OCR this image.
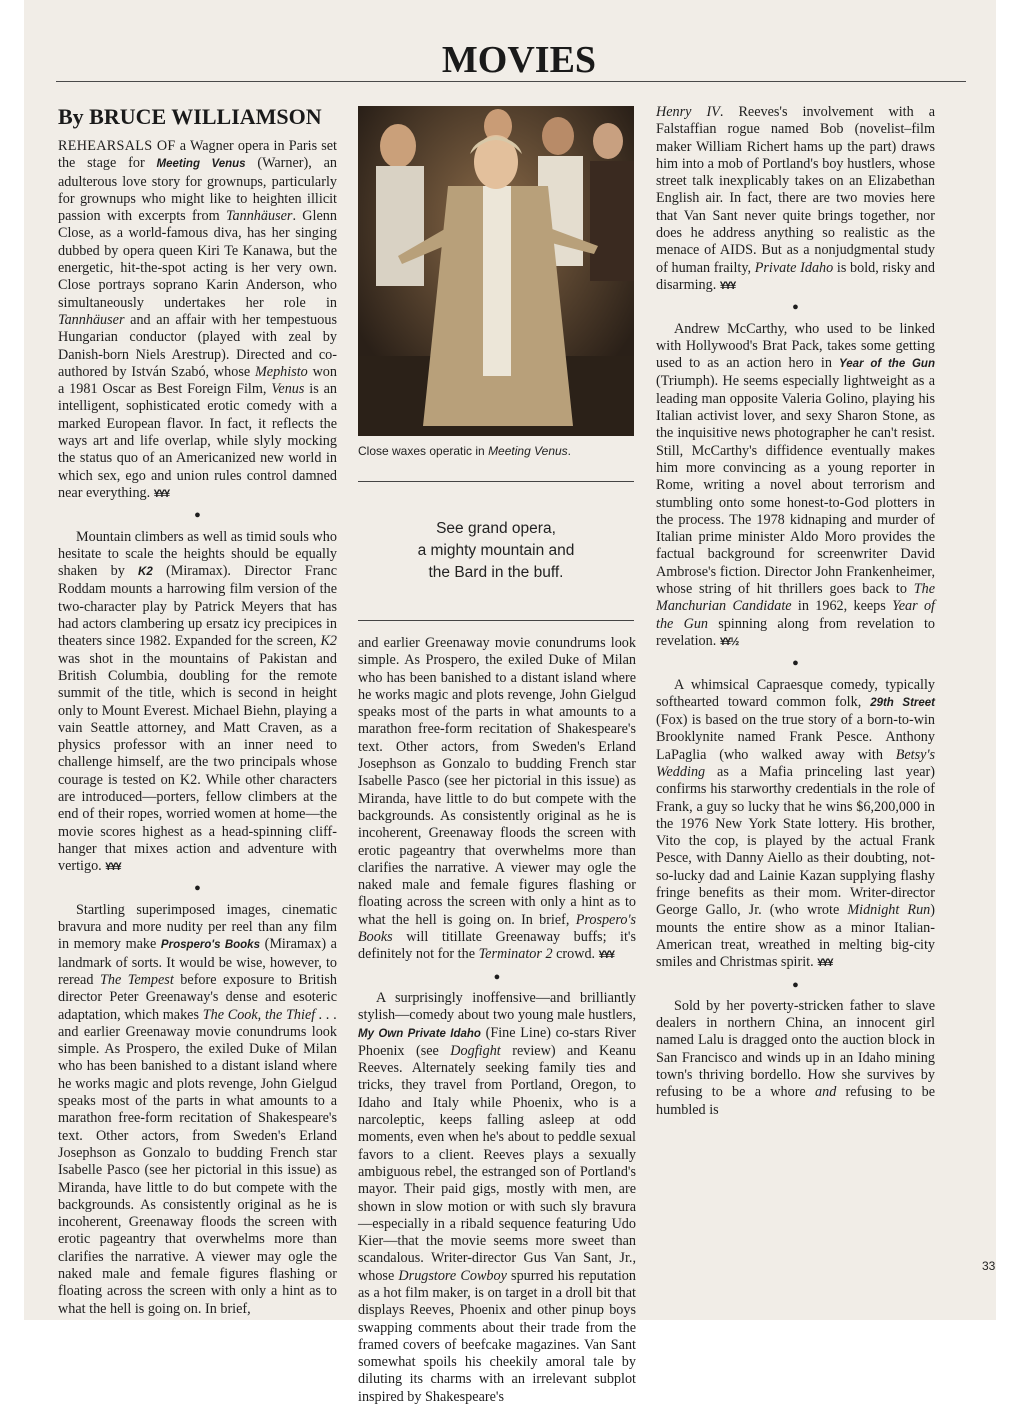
MOVIES
By BRUCE WILLIAMSON

REHEARSALS OF a Wagner opera in Paris set the stage for Meeting Venus (Warner), an adulterous love story for grownups, particularly for grownups who might like to heighten illicit passion with excerpts from Tannhäuser. Glenn Close, as a world-famous diva, has her singing dubbed by opera queen Kiri Te Kanawa, but the energetic, hit-the-spot acting is her very own. Close portrays soprano Karin Anderson, who simultaneously undertakes her role in Tannhäuser and an affair with her tempestuous Hungarian conductor (played with zeal by Danish-born Niels Arestrup). Directed and co-authored by István Szabó, whose Mephisto won a 1981 Oscar as Best Foreign Film, Venus is an intelligent, sophisticated erotic comedy with a marked European flavor. In fact, it reflects the ways art and life overlap, while slyly mocking the status quo of an Americanized new world in which sex, ego and union rules control damned near everything. ¥¥¥

●

Mountain climbers as well as timid souls who hesitate to scale the heights should be equally shaken by K2 (Miramax). Director Franc Roddam mounts a harrowing film version of the two-character play by Patrick Meyers that has had actors clambering up ersatz icy precipices in theaters since 1982. Expanded for the screen, K2 was shot in the mountains of Pakistan and British Columbia, doubling for the remote summit of the title, which is second in height only to Mount Everest. Michael Biehn, playing a vain Seattle attorney, and Matt Craven, as a physics professor with an inner need to challenge himself, are the two principals whose courage is tested on K2. While other characters are introduced—porters, fellow climbers at the end of their ropes, worried women at home—the movie scores highest as a head-spinning cliff-hanger that mixes action and adventure with vertigo. ¥¥¥

●

Startling superimposed images, cinematic bravura and more nudity per reel than any film in memory make Prospero's Books (Miramax) a landmark of sorts. It would be wise, however, to reread The Tempest before exposure to British director Peter Greenaway's dense and esoteric adaptation, which makes The Cook, the Thief . . . and earlier Greenaway movie conundrums look simple. As Prospero, the exiled Duke of Milan who has been banished to a distant island where he works magic and plots revenge, John Gielgud speaks most of the parts in what amounts to a marathon free-form recitation of Shakespeare's text. Other actors, from Sweden's Erland Josephson as Gonzalo to budding French star Isabelle Pasco (see her pictorial in this issue) as Miranda, have little to do but compete with the backgrounds. As consistently original as he is incoherent, Greenaway floods the screen with erotic pageantry that overwhelms more than clarifies the narrative. A viewer may ogle the naked male and female figures flashing or floating across the screen with only a hint as to what the hell is going on. In brief,

Close waxes operatic in Meeting Venus.
See grand opera,
a mighty mountain and
the Bard in the buff.

and earlier Greenaway movie conundrums look simple. As Prospero, the exiled Duke of Milan who has been banished to a distant island where he works magic and plots revenge, John Gielgud speaks most of the parts in what amounts to a marathon free-form recitation of Shakespeare's text. Other actors, from Sweden's Erland Josephson as Gonzalo to budding French star Isabelle Pasco (see her pictorial in this issue) as Miranda, have little to do but compete with the backgrounds. As consistently original as he is incoherent, Greenaway floods the screen with erotic pageantry that overwhelms more than clarifies the narrative. A viewer may ogle the naked male and female figures flashing or floating across the screen with only a hint as to what the hell is going on. In brief, Prospero's Books will titillate Greenaway buffs; it's definitely not for the Terminator 2 crowd. ¥¥¥

●

A surprisingly inoffensive—and brilliantly stylish—comedy about two young male hustlers, My Own Private Idaho (Fine Line) co-stars River Phoenix (see Dogfight review) and Keanu Reeves. Alternately seeking family ties and tricks, they travel from Portland, Oregon, to Idaho and Italy while Phoenix, who is a narcoleptic, keeps falling asleep at odd moments, even when he's about to peddle sexual favors to a client. Reeves plays a sexually ambiguous rebel, the estranged son of Portland's mayor. Their paid gigs, mostly with men, are shown in slow motion or with such sly bravura—especially in a ribald sequence featuring Udo Kier—that the movie seems more sweet than scandalous. Writer-director Gus Van Sant, Jr., whose Drugstore Cowboy spurred his reputation as a hot film maker, is on target in a droll bit that displays Reeves, Phoenix and other pinup boys swapping comments about their trade from the framed covers of beefcake magazines. Van Sant somewhat spoils his cheekily amoral tale by diluting its charms with an irrelevant subplot inspired by Shakespeare's

Henry IV. Reeves's involvement with a Falstaffian rogue named Bob (novelist–film maker William Richert hams up the part) draws him into a mob of Portland's boy hustlers, whose street talk inexplicably takes on an Elizabethan English air. In fact, there are two movies here that Van Sant never quite brings together, nor does he address anything so realistic as the menace of AIDS. But as a nonjudgmental study of human frailty, Private Idaho is bold, risky and disarming. ¥¥¥

●

Andrew McCarthy, who used to be linked with Hollywood's Brat Pack, takes some getting used to as an action hero in Year of the Gun (Triumph). He seems especially lightweight as a leading man opposite Valeria Golino, playing his Italian activist lover, and sexy Sharon Stone, as the inquisitive news photographer he can't resist. Still, McCarthy's diffidence eventually makes him more convincing as a young reporter in Rome, writing a novel about terrorism and stumbling onto some honest-to-God plotters in the process. The 1978 kidnaping and murder of Italian prime minister Aldo Moro provides the factual background for screenwriter David Ambrose's fiction. Director John Frankenheimer, whose string of hit thrillers goes back to The Manchurian Candidate in 1962, keeps Year of the Gun spinning along from revelation to revelation. ¥¥½

●

A whimsical Capraesque comedy, typically softhearted toward common folk, 29th Street (Fox) is based on the true story of a born-to-win Brooklynite named Frank Pesce. Anthony LaPaglia (who walked away with Betsy's Wedding as a Mafia princeling last year) confirms his starworthy credentials in the role of Frank, a guy so lucky that he wins $6,200,000 in the 1976 New York State lottery. His brother, Vito the cop, is played by the actual Frank Pesce, with Danny Aiello as their doubting, not-so-lucky dad and Lainie Kazan supplying flashy fringe benefits as their mom. Writer-director George Gallo, Jr. (who wrote Midnight Run) mounts the entire show as a minor Italian-American treat, wreathed in melting big-city smiles and Christmas spirit. ¥¥¥

●

Sold by her poverty-stricken father to slave dealers in northern China, an innocent girl named Lalu is dragged onto the auction block in San Francisco and winds up in an Idaho mining town's thriving bordello. How she survives by refusing to be a whore and refusing to be humbled is

33
